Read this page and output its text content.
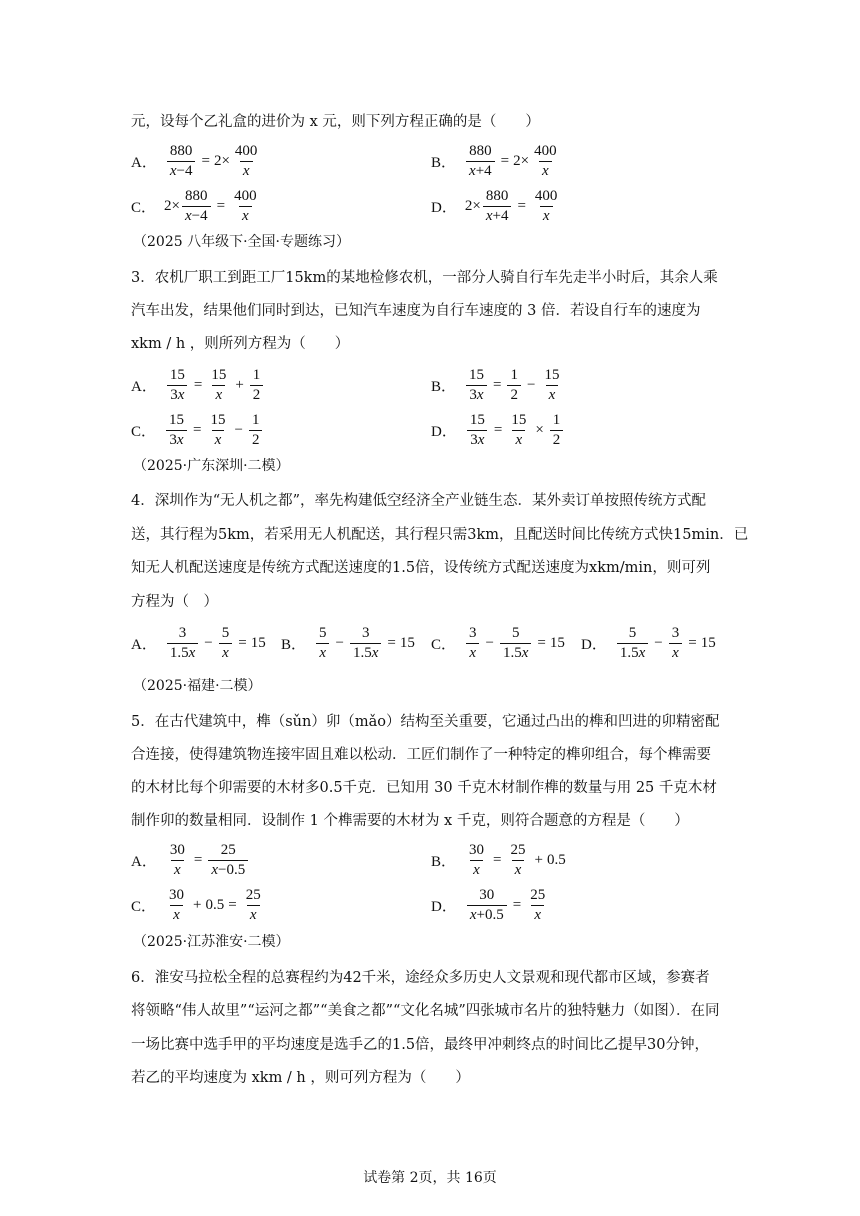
元，设每个乙礼盒的进价为 x 元，则下列方程正确的是（　　）
A． $\frac{880}{x-4} = 2\times \frac{400}{x}$	B． $\frac{880}{x+4} = 2\times \frac{400}{x}$
C． $2\times \frac{880}{x-4} = \frac{400}{x}$	D． $2\times \frac{880}{x+4} = \frac{400}{x}$
（2025 八年级下·全国·专题练习）
3．农机厂职工到距工厂15km的某地检修农机，一部分人骑自行车先走半小时后，其余人乘
汽车出发，结果他们同时到达，已知汽车速度为自行车速度的 3 倍．若设自行车的速度为
xkm / h ，则所列方程为（　　）
A． $\frac{15}{3x} = \frac{15}{x} + \frac{1}{2}$	B． $\frac{15}{3x} = \frac{1}{2} - \frac{15}{x}$
C． $\frac{15}{3x} = \frac{15}{x} - \frac{1}{2}$	D． $\frac{15}{3x} = \frac{15}{x} \times \frac{1}{2}$
（2025·广东深圳·二模）
4．深圳作为“无人机之都”，率先构建低空经济全产业链生态．某外卖订单按照传统方式配
送，其行程为5km，若采用无人机配送，其行程只需3km，且配送时间比传统方式快15min．已
知无人机配送速度是传统方式配送速度的1.5倍，设传统方式配送速度为xkm/min，则可列
方程为（　）
A． $\frac{3}{1.5x} - \frac{5}{x} = 15$ B． $\frac{5}{x} - \frac{3}{1.5x} = 15$ C． $\frac{3}{x} - \frac{5}{1.5x} = 15$ D． $\frac{5}{1.5x} - \frac{3}{x} = 15$
（2025·福建·二模）
5．在古代建筑中，榫（sǔn）卯（mǎo）结构至关重要，它通过凸出的榫和凹进的卯精密配
合连接，使得建筑物连接牢固且难以松动．工匠们制作了一种特定的榫卯组合，每个榫需要
的木材比每个卯需要的木材多0.5千克．已知用 30 千克木材制作榫的数量与用 25 千克木材
制作卯的数量相同．设制作 1 个榫需要的木材为 x 千克，则符合题意的方程是（　　）
A． $\frac{30}{x} = \frac{25}{x-0.5}$	B． $\frac{30}{x} = \frac{25}{x} + 0.5$
C． $\frac{30}{x} + 0.5 = \frac{25}{x}$	D． $\frac{30}{x+0.5} = \frac{25}{x}$
（2025·江苏淮安·二模）
6．淮安马拉松全程的总赛程约为42千米，途经众多历史人文景观和现代都市区域，参赛者
将领略“伟人故里”“运河之都”“美食之都”“文化名城”四张城市名片的独特魅力（如图）．在同
一场比赛中选手甲的平均速度是选手乙的1.5倍，最终甲冲刺终点的时间比乙提早30分钟，
若乙的平均速度为 xkm / h ，则可列方程为（　　）
试卷第 2页，共 16页
